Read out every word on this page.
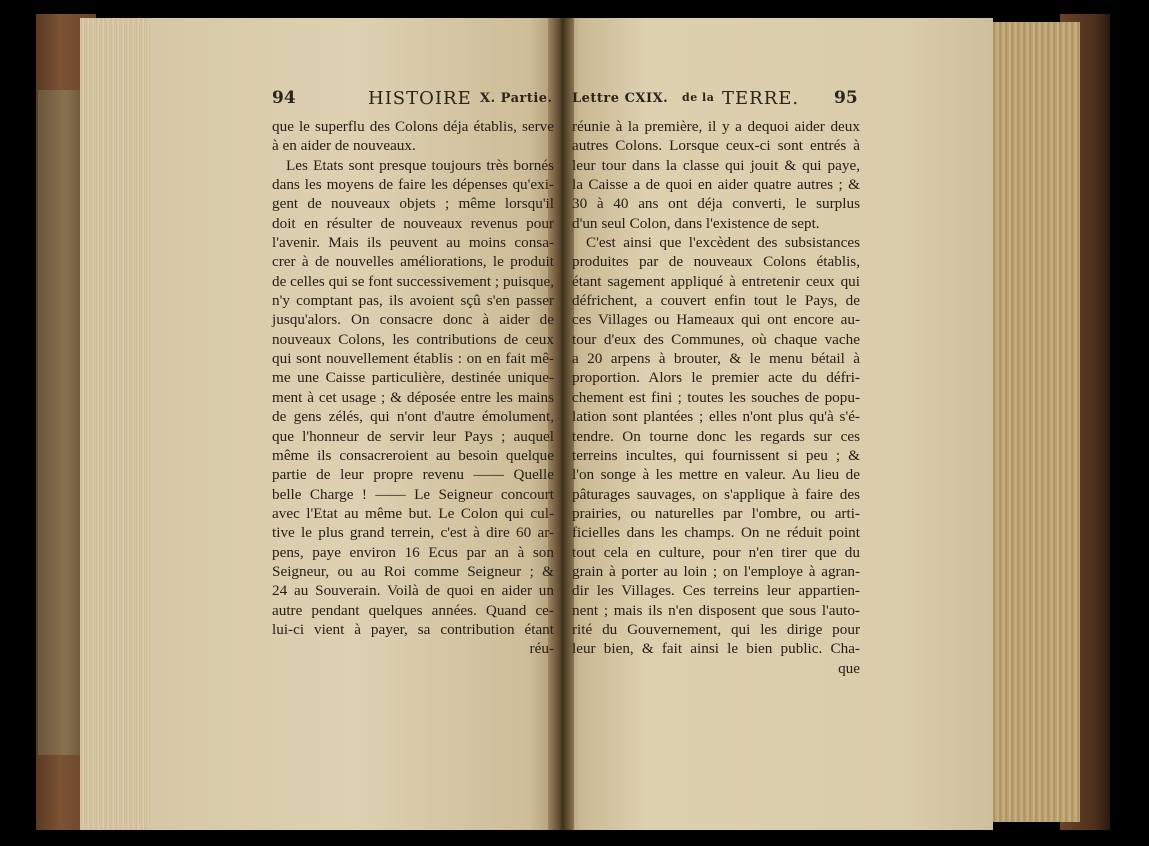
94	HISTOIRE X. Partie. Lettre CXIX. de la TERRE. 95
que le superflu des Colons déja établis, serve
à en aider de nouveaux.
Les Etats sont presque toujours très bornés
dans les moyens de faire les dépenses qu'exi-
gent de nouveaux objets ; même lorsqu'il
doit en résulter de nouveaux revenus pour
l'avenir. Mais ils peuvent au moins consa-
crer à de nouvelles améliorations, le produit
de celles qui se font successivement ; puisque,
n'y comptant pas, ils avoient sçû s'en passer
jusqu'alors. On consacre donc à aider de
nouveaux Colons, les contributions de ceux
qui sont nouvellement établis : on en fait mê-
me une Caisse particulière, destinée unique-
ment à cet usage ; & déposée entre les mains
de gens zélés, qui n'ont d'autre émolument,
que l'honneur de servir leur Pays ; auquel
même ils consacreroient au besoin quelque
partie de leur propre revenu —— Quelle
belle Charge ! —— Le Seigneur concourt
avec l'Etat au même but. Le Colon qui cul-
tive le plus grand terrein, c'est à dire 60 ar-
pens, paye environ 16 Ecus par an à son
Seigneur, ou au Roi comme Seigneur ; &
24 au Souverain. Voilà de quoi en aider un
autre pendant quelques années. Quand ce-
lui-ci vient à payer, sa contribution étant
réu-
réunie à la première, il y a dequoi aider deux
autres Colons. Lorsque ceux-ci sont entrés à
leur tour dans la classe qui jouit & qui paye,
la Caisse a de quoi en aider quatre autres ; &
30 à 40 ans ont déja converti, le surplus
d'un seul Colon, dans l'existence de sept.
C'est ainsi que l'excèdent des subsistances
produites par de nouveaux Colons établis,
étant sagement appliqué à entretenir ceux qui
défrichent, a couvert enfin tout le Pays, de
ces Villages ou Hameaux qui ont encore au-
tour d'eux des Communes, où chaque vache
a 20 arpens à brouter, & le menu bétail à
proportion. Alors le premier acte du défri-
chement est fini ; toutes les souches de popu-
lation sont plantées ; elles n'ont plus qu'à s'é-
tendre. On tourne donc les regards sur ces
terreins incultes, qui fournissent si peu ; &
l'on songe à les mettre en valeur. Au lieu de
pâturages sauvages, on s'applique à faire des
prairies, ou naturelles par l'ombre, ou arti-
ficielles dans les champs. On ne réduit point
tout cela en culture, pour n'en tirer que du
grain à porter au loin ; on l'employe à agran-
dir les Villages. Ces terreins leur appartien-
nent ; mais ils n'en disposent que sous l'auto-
rité du Gouvernement, qui les dirige pour
leur bien, & fait ainsi le bien public. Cha-
que
